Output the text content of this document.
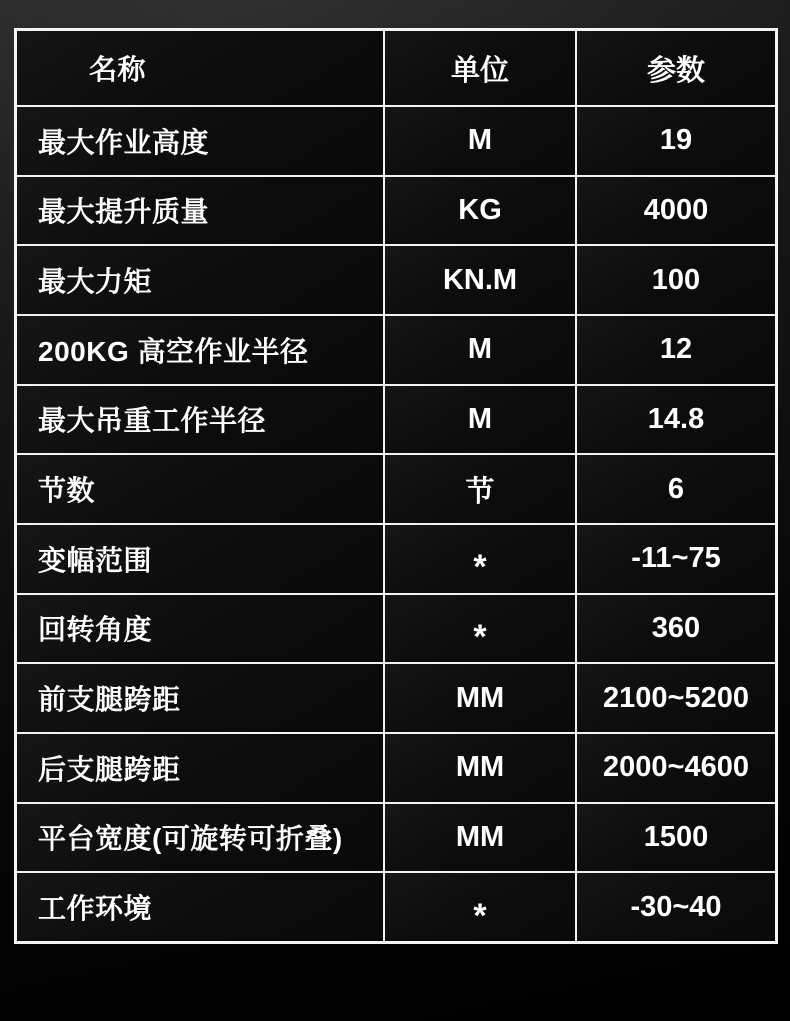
名称	单位	参数
最大作业高度	M	19
最大提升质量	KG	4000
最大力矩	KN.M	100
200KG 高空作业半径	M	12
最大吊重工作半径	M	14.8
节数	节	6
变幅范围	*	-11~75
回转角度	*	360
前支腿跨距	MM	2100~5200
后支腿跨距	MM	2000~4600
平台宽度(可旋转可折叠)	MM	1500
工作环境	*	-30~40
